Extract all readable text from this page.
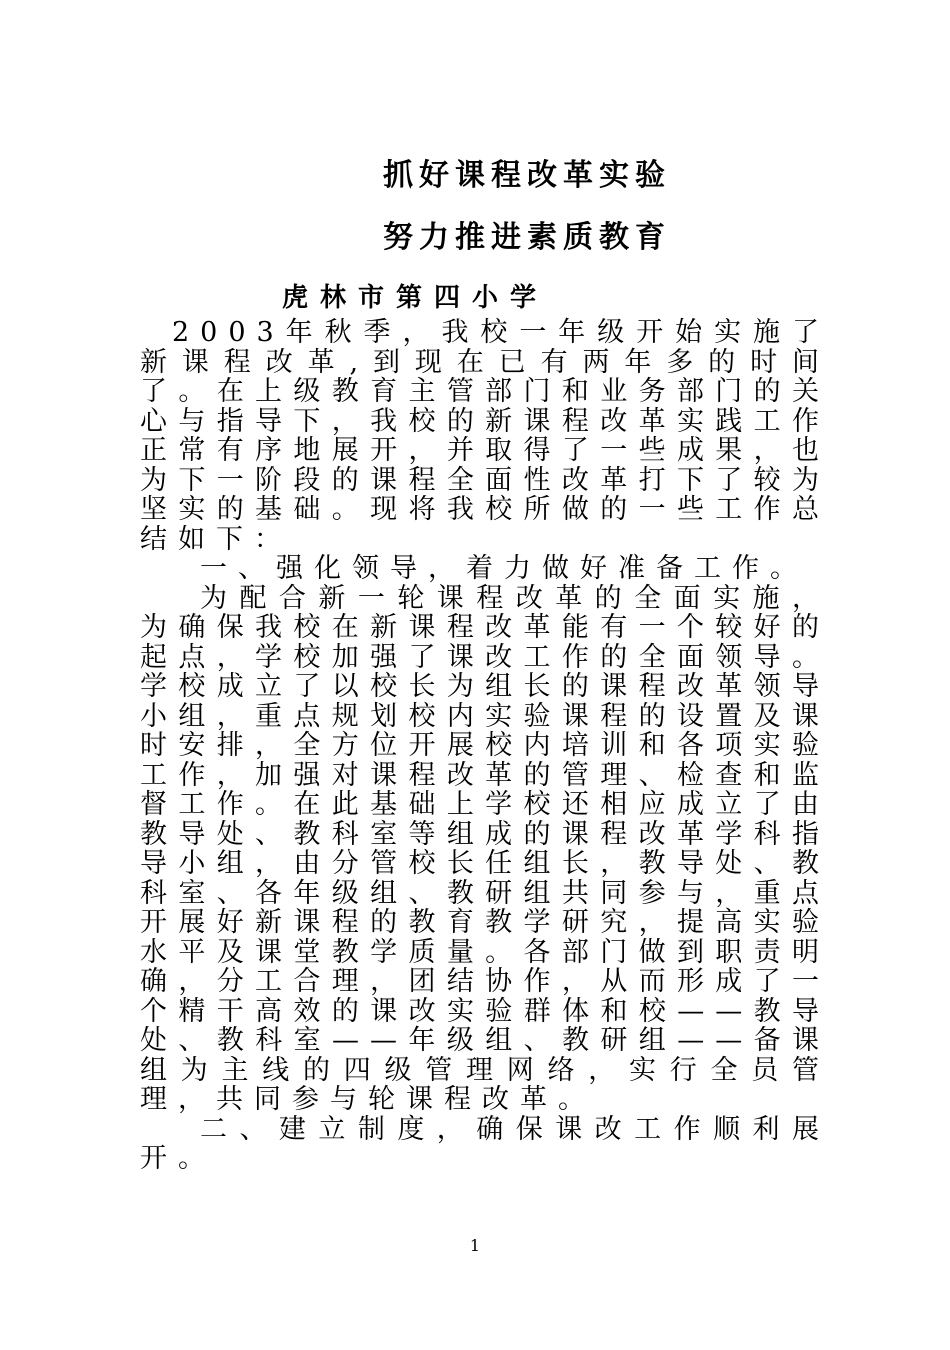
抓好课程改革实验
努力推进素质教育
虎林市第四小学

2003年秋季，我校一年级开始实施了新课程改革,到现在已有两年多的时间了。在上级教育主管部门和业务部门的关心与指导下，我校的新课程改革实践工作正常有序地展开，并取得了一些成果，也为下一阶段的课程全面性改革打下了较为坚实的基础。现将我校所做的一些工作总结如下：

一、强化领导，着力做好准备工作。

为配合新一轮课程改革的全面实施，为确保我校在新课程改革能有一个较好的起点，学校加强了课改工作的全面领导。学校成立了以校长为组长的课程改革领导小组，重点规划校内实验课程的设置及课时安排，全方位开展校内培训和各项实验工作，加强对课程改革的管理、检查和监督工作。在此基础上学校还相应成立了由教导处、教科室等组成的课程改革学科指导小组，由分管校长任组长，教导处、教科室、各年级组、教研组共同参与，重点开展好新课程的教育教学研究，提高实验水平及课堂教学质量。各部门做到职责明确，分工合理，团结协作，从而形成了一个精干高效的课改实验群体和校——教导处、教科室——年级组、教研组——备课组为主线的四级管理网络，实行全员管理，共同参与轮课程改革。

二、建立制度，确保课改工作顺利展开。

1
